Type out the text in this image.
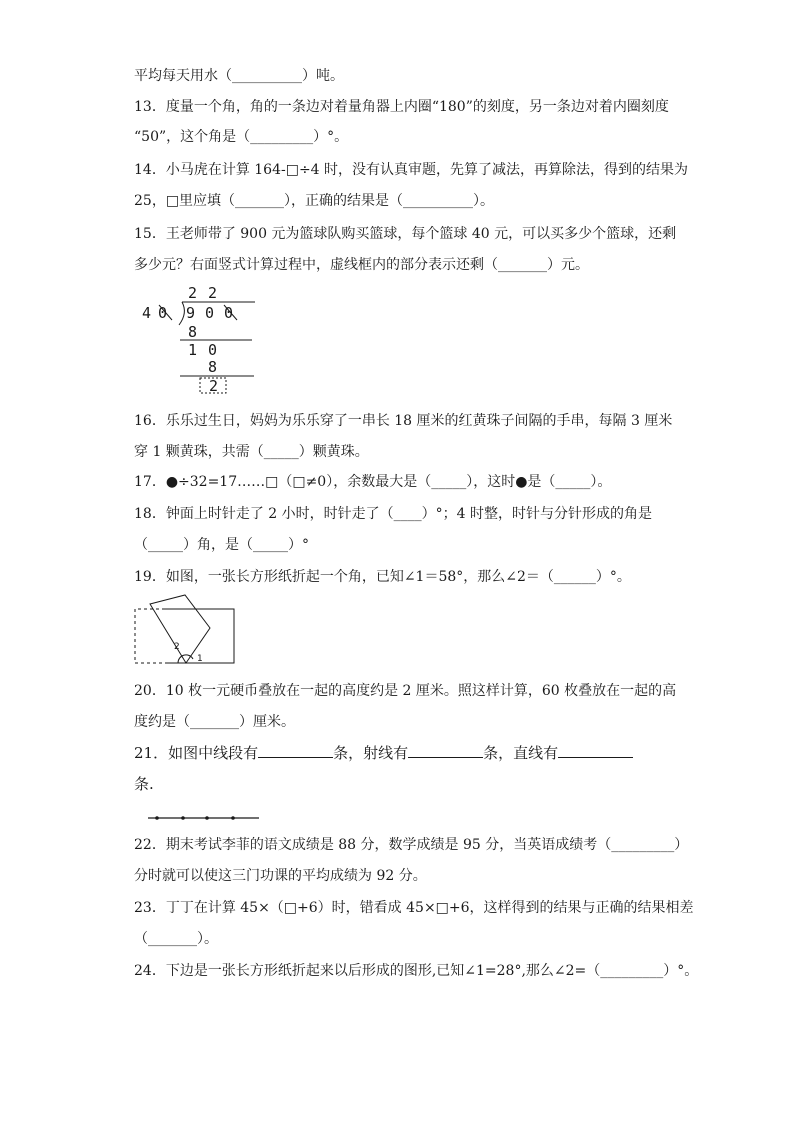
平均每天用水（__________）吨。
13．度量一个角，角的一条边对着量角器上内圈“180”的刻度，另一条边对着内圈刻度
“50”，这个角是（_________）°。
14．小马虎在计算 164-□÷4 时，没有认真审题，先算了减法，再算除法，得到的结果为
25，□里应填（_______），正确的结果是（__________）。
15．王老师带了 900 元为篮球队购买篮球，每个篮球 40 元，可以买多少个篮球，还剩
多少元？右面竖式计算过程中，虚线框内的部分表示还剩（_______）元。
2 2
4 0 9 0 0
8
1 0
8
2
16．乐乐过生日，妈妈为乐乐穿了一串长 18 厘米的红黄珠子间隔的手串，每隔 3 厘米
穿 1 颗黄珠，共需（_____）颗黄珠。
17．●÷32=17……□（□≠0），余数最大是（_____），这时●是（_____）。
18．钟面上时针走了 2 小时，时针走了（____）°；4 时整，时针与分针形成的角是
（_____）角，是（_____）°
19．如图，一张长方形纸折起一个角，已知∠1＝58°，那么∠2＝（______）°。
2
1
20．10 枚一元硬币叠放在一起的高度约是 2 厘米。照这样计算，60 枚叠放在一起的高
度约是（_______）厘米。
21．如图中线段有	条，射线有	条，直线有
条.
22．期末考试李菲的语文成绩是 88 分，数学成绩是 95 分，当英语成绩考（_________）
分时就可以使这三门功课的平均成绩为 92 分。
23．丁丁在计算 45×（□+6）时，错看成 45×□+6，这样得到的结果与正确的结果相差
（_______）。
24．下边是一张长方形纸折起来以后形成的图形,已知∠1=28°,那么∠2=（_________）°。
